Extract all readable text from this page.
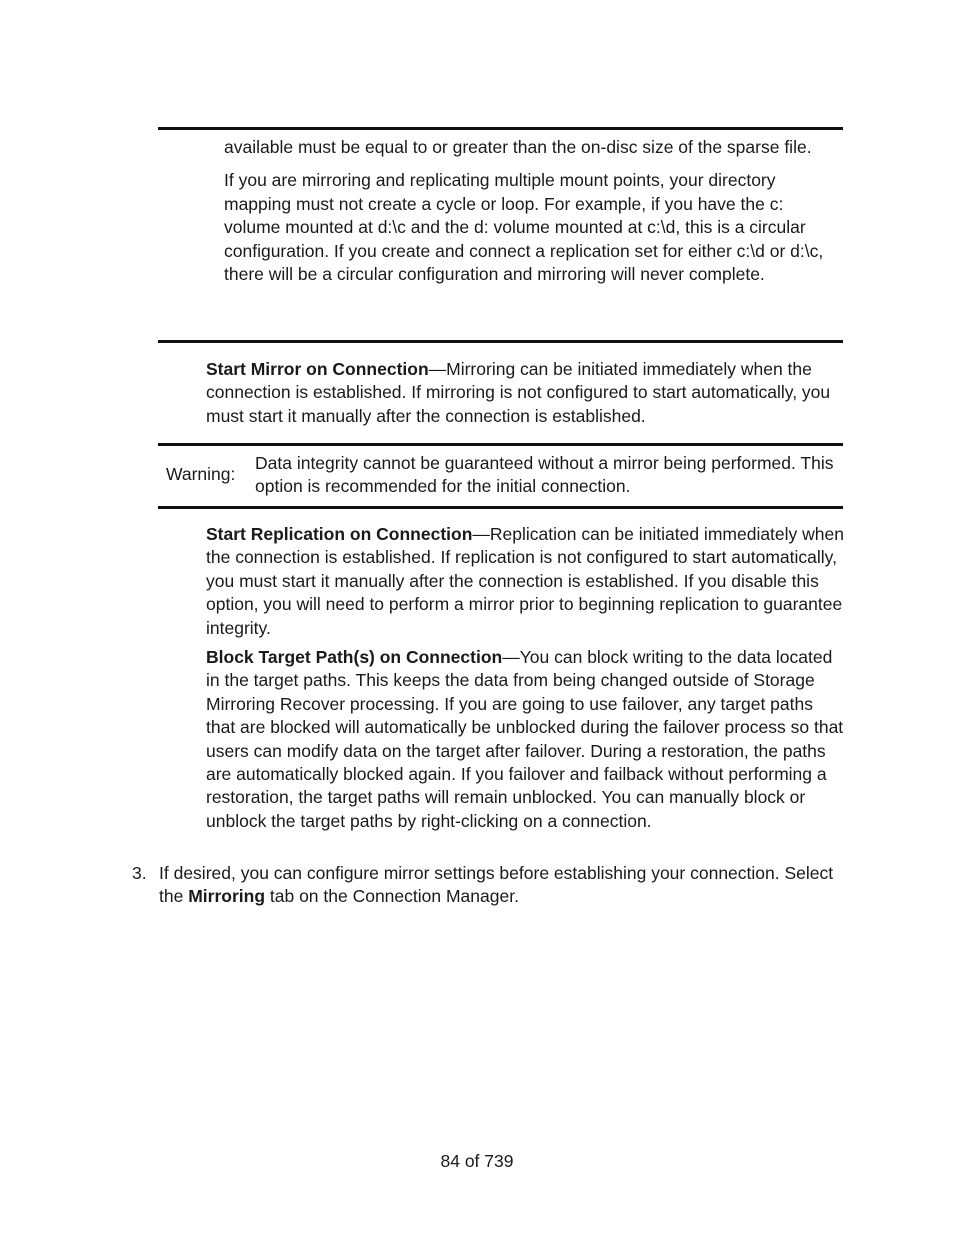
available must be equal to or greater than the on-disc size of the sparse file.

If you are mirroring and replicating multiple mount points, your directory mapping must not create a cycle or loop. For example, if you have the c: volume mounted at d:\c and the d: volume mounted at c:\d, this is a circular configuration. If you create and connect a replication set for either c:\d or d:\c, there will be a circular configuration and mirroring will never complete.

Start Mirror on Connection—Mirroring can be initiated immediately when the connection is established. If mirroring is not configured to start automatically, you must start it manually after the connection is established.

Warning:
Data integrity cannot be guaranteed without a mirror being performed. This option is recommended for the initial connection.

Start Replication on Connection—Replication can be initiated immediately when the connection is established. If replication is not configured to start automatically, you must start it manually after the connection is established. If you disable this option, you will need to perform a mirror prior to beginning replication to guarantee integrity.

Block Target Path(s) on Connection—You can block writing to the data located in the target paths. This keeps the data from being changed outside of Storage Mirroring Recover processing. If you are going to use failover, any target paths that are blocked will automatically be unblocked during the failover process so that users can modify data on the target after failover. During a restoration, the paths are automatically blocked again. If you failover and failback without performing a restoration, the target paths will remain unblocked. You can manually block or unblock the target paths by right-clicking on a connection.

3. If desired, you can configure mirror settings before establishing your connection. Select the Mirroring tab on the Connection Manager.
84 of 739
